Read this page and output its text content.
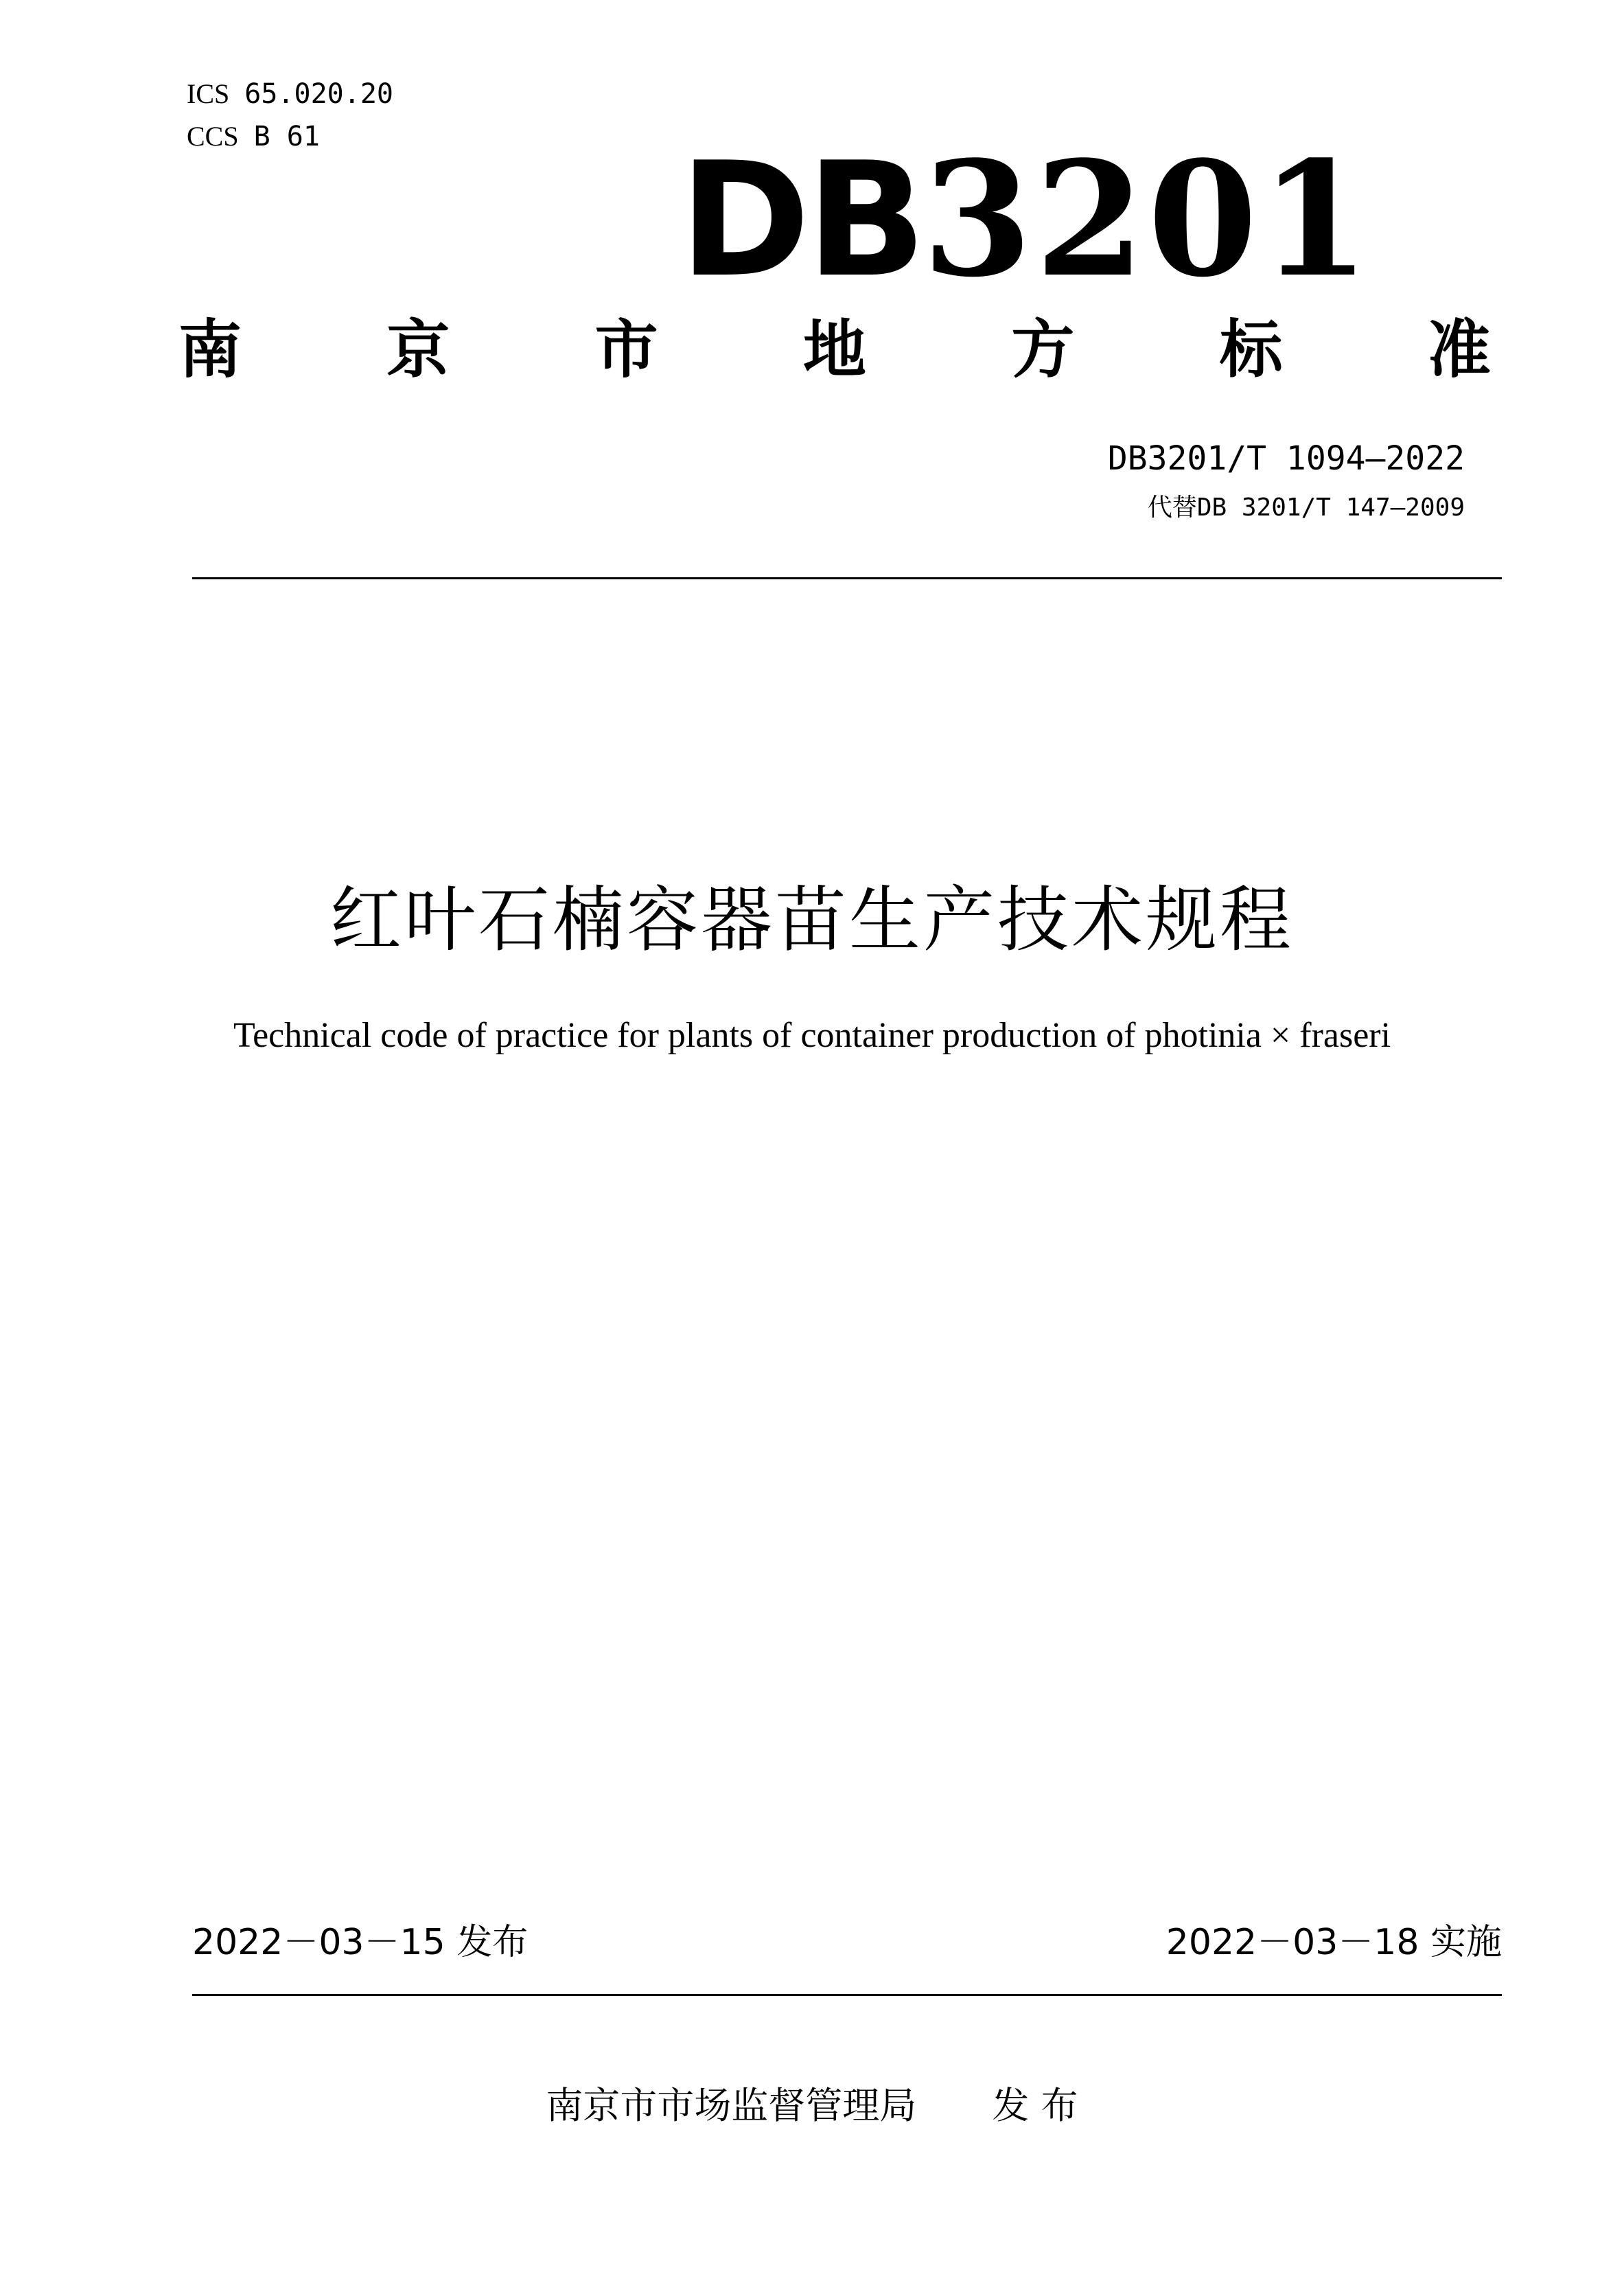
ICS 65.020.20
CCS B 61 DB3201
南 京 市 地 方 标 准
DB3201/T 1094—2022
代替DB 3201/T 147—2009
红叶石楠容器苗生产技术规程
Technical code of practice for plants of container production of photinia × fraseri
2022－03－15 发布	2022－03－18 实施
南京市市场监督管理局 发 布
